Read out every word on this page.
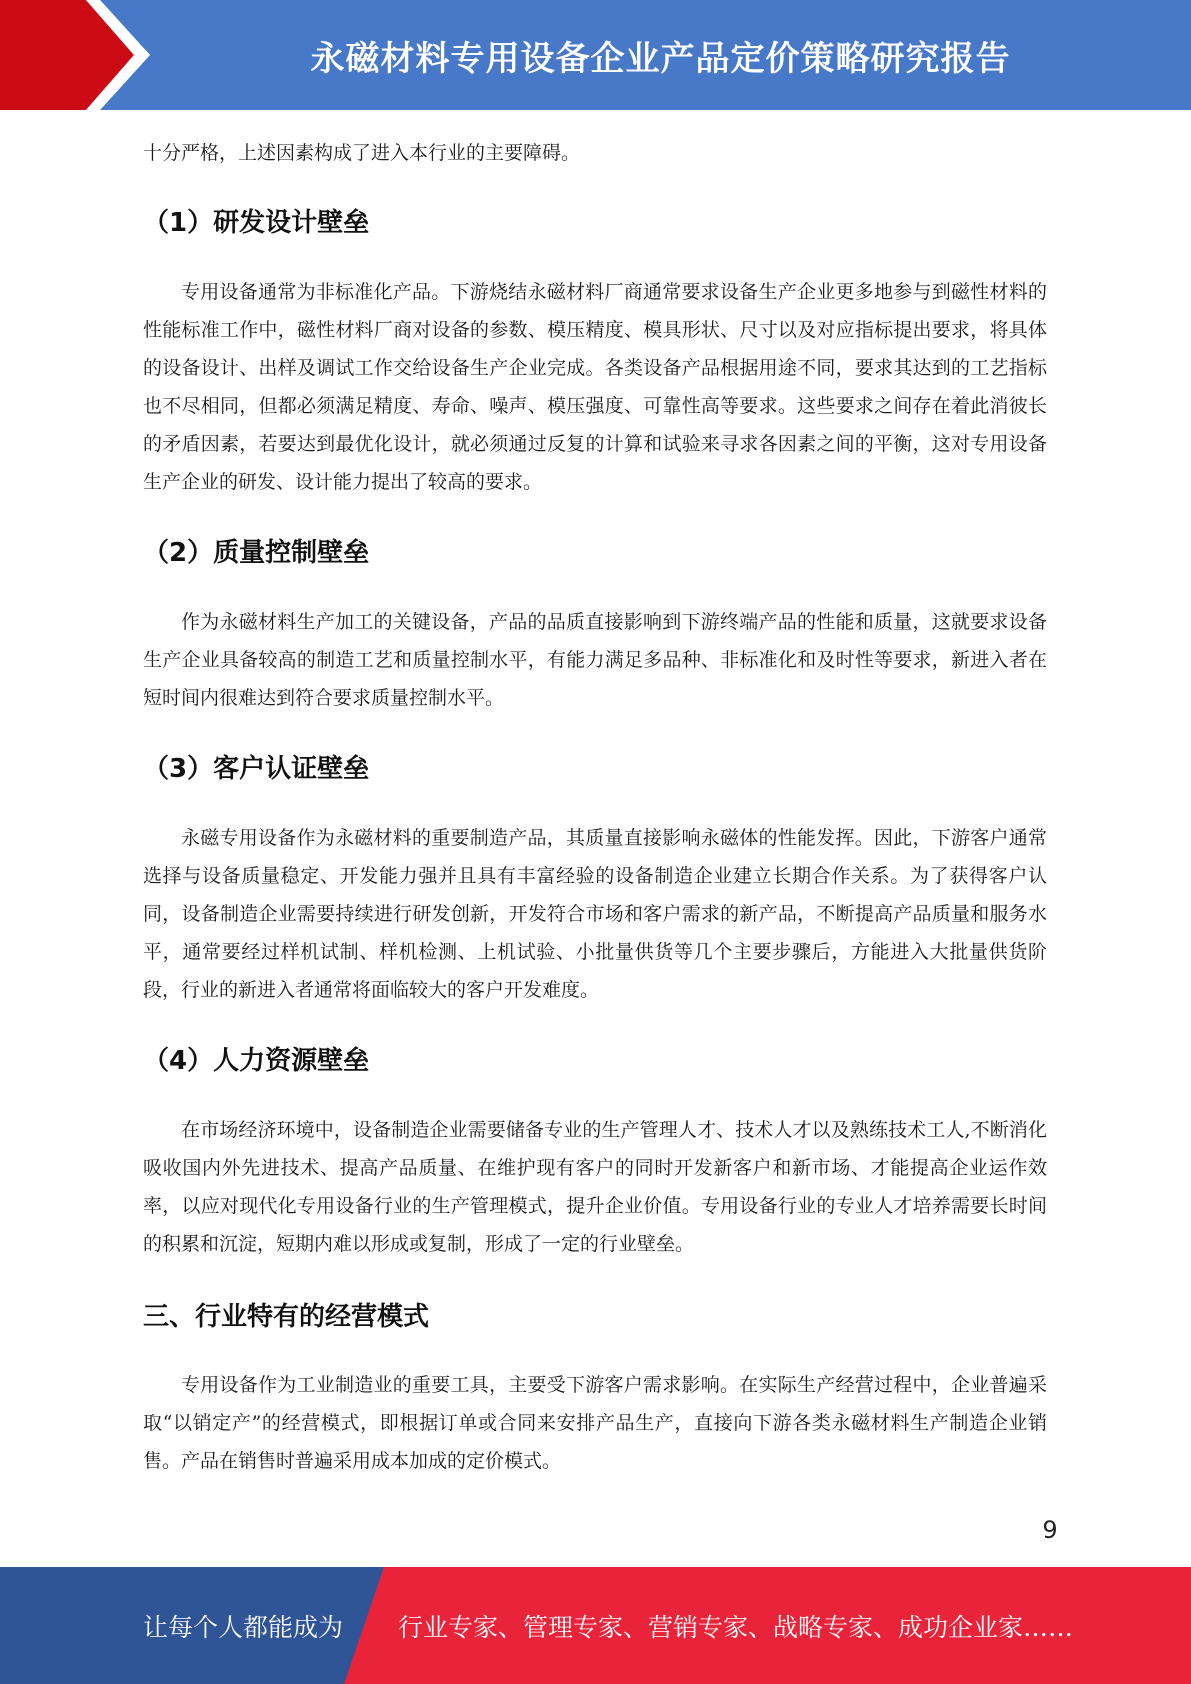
永磁材料专用设备企业产品定价策略研究报告

十分严格，上述因素构成了进入本行业的主要障碍。

（1）研发设计壁垒

专用设备通常为非标准化产品。下游烧结永磁材料厂商通常要求设备生产企业更多地参与到磁性材料的性能标准工作中，磁性材料厂商对设备的参数、模压精度、模具形状、尺寸以及对应指标提出要求，将具体的设备设计、出样及调试工作交给设备生产企业完成。各类设备产品根据用途不同，要求其达到的工艺指标也不尽相同，但都必须满足精度、寿命、噪声、模压强度、可靠性高等要求。这些要求之间存在着此消彼长的矛盾因素，若要达到最优化设计，就必须通过反复的计算和试验来寻求各因素之间的平衡，这对专用设备生产企业的研发、设计能力提出了较高的要求。

（2）质量控制壁垒

作为永磁材料生产加工的关键设备，产品的品质直接影响到下游终端产品的性能和质量，这就要求设备生产企业具备较高的制造工艺和质量控制水平，有能力满足多品种、非标准化和及时性等要求，新进入者在短时间内很难达到符合要求质量控制水平。

（3）客户认证壁垒

永磁专用设备作为永磁材料的重要制造产品，其质量直接影响永磁体的性能发挥。因此，下游客户通常选择与设备质量稳定、开发能力强并且具有丰富经验的设备制造企业建立长期合作关系。为了获得客户认同，设备制造企业需要持续进行研发创新，开发符合市场和客户需求的新产品，不断提高产品质量和服务水平，通常要经过样机试制、样机检测、上机试验、小批量供货等几个主要步骤后，方能进入大批量供货阶段，行业的新进入者通常将面临较大的客户开发难度。

（4）人力资源壁垒

在市场经济环境中，设备制造企业需要储备专业的生产管理人才、技术人才以及熟练技术工人,不断消化吸收国内外先进技术、提高产品质量、在维护现有客户的同时开发新客户和新市场、才能提高企业运作效率，以应对现代化专用设备行业的生产管理模式，提升企业价值。专用设备行业的专业人才培养需要长时间的积累和沉淀，短期内难以形成或复制，形成了一定的行业壁垒。

三、行业特有的经营模式

专用设备作为工业制造业的重要工具，主要受下游客户需求影响。在实际生产经营过程中，企业普遍采取“以销定产”的经营模式，即根据订单或合同来安排产品生产，直接向下游各类永磁材料生产制造企业销售。产品在销售时普遍采用成本加成的定价模式。

9
让每个人都能成为 行业专家、管理专家、营销专家、战略专家、成功企业家……
